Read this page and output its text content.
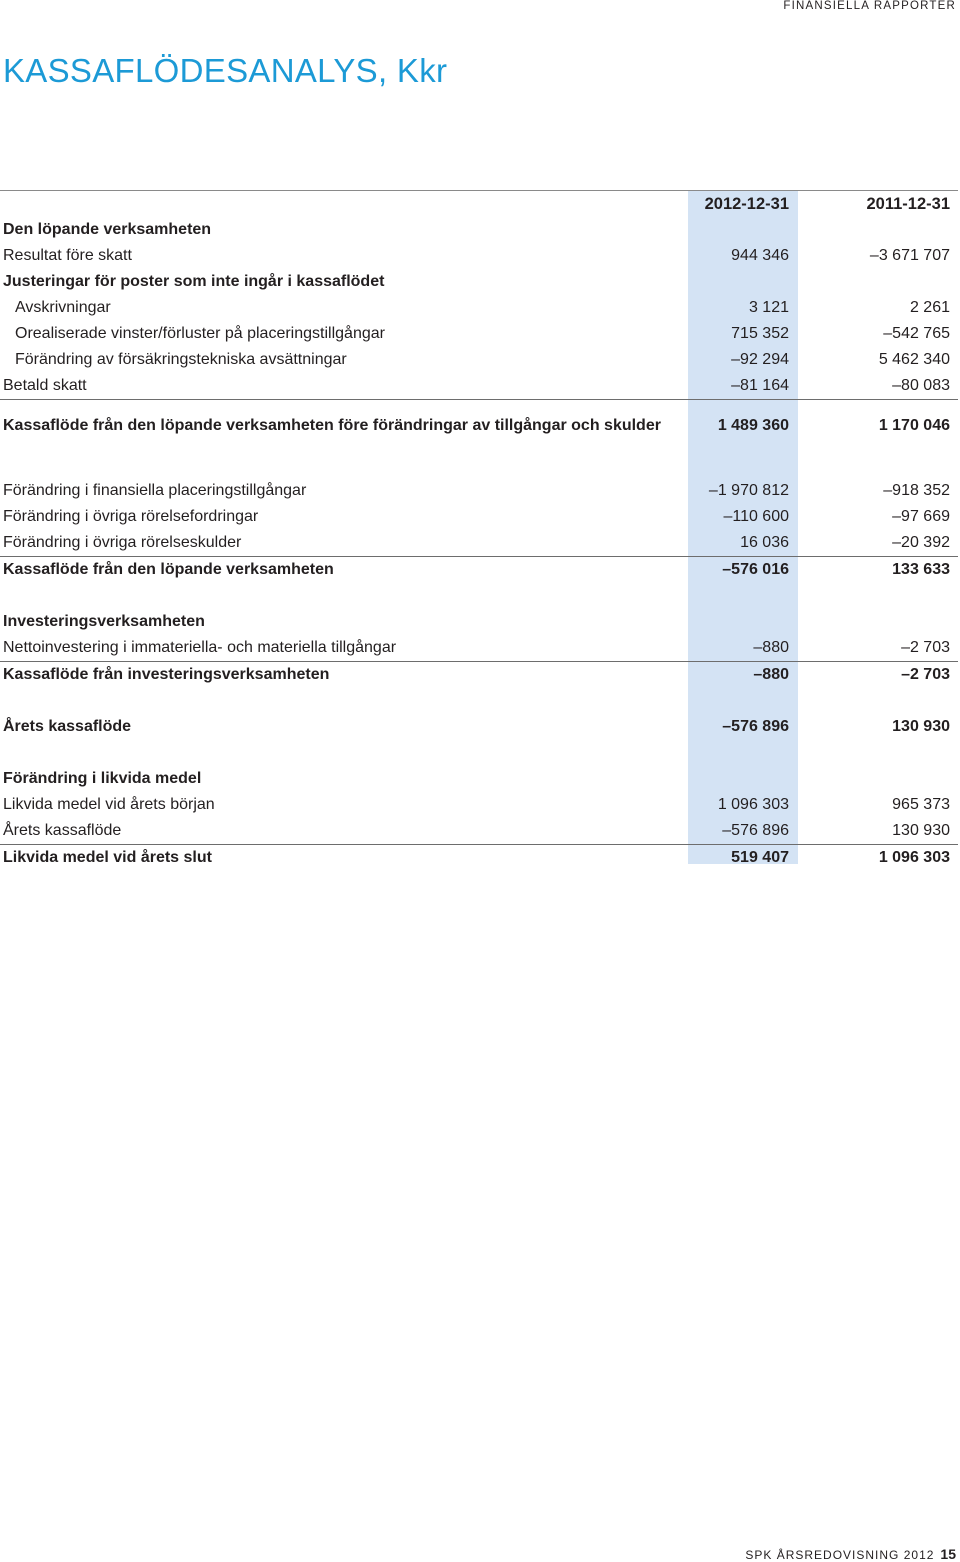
FINANSIELLA RAPPORTER
KASSAFLÖDESANALYS, Kkr
2012-12-31	2011-12-31
Den löpande verksamheten
Resultat före skatt	944 346	–3 671 707
Justeringar för poster som inte ingår i kassaflödet
Avskrivningar	3 121	2 261
Orealiserade vinster/förluster på placeringstillgångar	715 352	–542 765
Förändring av försäkringstekniska avsättningar	–92 294	5 462 340
Betald skatt	–81 164	–80 083
Kassaflöde från den löpande verksamheten före förändringar av tillgångar och skulder	1 489 360	1 170 046
Förändring i finansiella placeringstillgångar	–1 970 812	–918 352
Förändring i övriga rörelsefordringar	–110 600	–97 669
Förändring i övriga rörelseskulder	16 036	–20 392
Kassaflöde från den löpande verksamheten	–576 016	133 633
Investeringsverksamheten
Nettoinvestering i immateriella- och materiella tillgångar	–880	–2 703
Kassaflöde från investeringsverksamheten	–880	–2 703
Årets kassaflöde	–576 896	130 930
Förändring i likvida medel
Likvida medel vid årets början	1 096 303	965 373
Årets kassaflöde	–576 896	130 930
Likvida medel vid årets slut	519 407	1 096 303
SPK ÅRSREDOVISNING 2012 15
